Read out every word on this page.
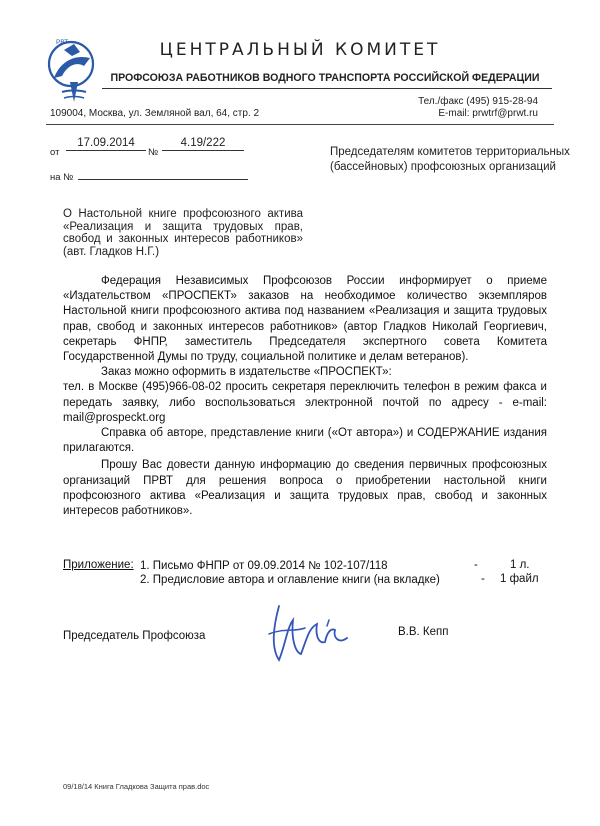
РВТ	ЦЕНТРАЛЬНЫЙ КОМИТЕТ
ПРОФСОЮЗА РАБОТНИКОВ ВОДНОГО ТРАНСПОРТА РОССИЙСКОЙ ФЕДЕРАЦИИ
Тел./факс (495) 915-28-94
E-mail: prwtrf@prwt.ru
109004, Москва, ул. Земляной вал, 64, стр. 2
от
17.09.2014
№
4.19/222
на №
Председателям комитетов территориальных (бассейновых) профсоюзных организаций
О Настольной книге профсоюзного актива «Реализация и защита трудовых прав, свобод и законных интересов работников» (авт. Гладков Н.Г.)

Федерация Независимых Профсоюзов России информирует о приеме «Издательством «ПРОСПЕКТ» заказов на необходимое количество экземпляров Настольной книги профсоюзного актива под названием «Реализация и защита трудовых прав, свобод и законных интересов работников» (автор Гладков Николай Георгиевич, секретарь ФНПР, заместитель Председателя экспертного совета Комитета Государственной Думы по труду, социальной политике и делам ветеранов).

Заказ можно оформить в издательстве «ПРОСПЕКТ»:

тел. в Москве (495)966-08-02 просить секретаря переключить телефон в режим факса и передать заявку, либо воспользоваться электронной почтой по адресу - e-mail: mail@prospeckt.org

Справка об авторе, представление книги («От автора») и СОДЕРЖАНИЕ издания прилагаются.

Прошу Вас довести данную информацию до сведения первичных профсоюзных организаций ПРВТ для решения вопроса о приобретении настольной книги профсоюзного актива «Реализация и защита трудовых прав, свобод и законных интересов работников».

Приложение: 1. Письмо ФНПР от 09.09.2014 № 102-107/118	-	1 л.
2. Предисловие автора и оглавление книги (на вкладке)	- 1 файл
Председатель Профсоюза	В.В. Кепп
09/18/14 Книга Гладкова Защита прав.doc
